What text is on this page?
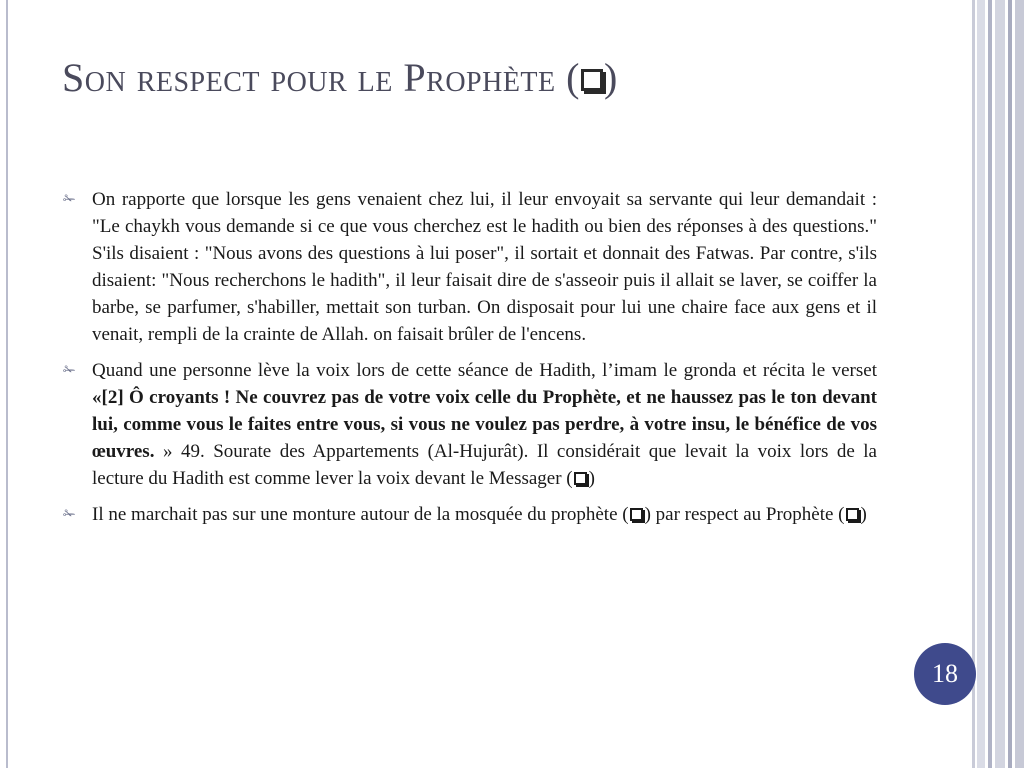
Son respect pour le Prophète ( )
✁ On rapporte que lorsque les gens venaient chez lui, il leur envoyait sa servante qui leur demandait : "Le chaykh vous demande si ce que vous cherchez est le hadith ou bien des réponses à des questions." S'ils disaient : "Nous avons des questions à lui poser", il sortait et donnait des Fatwas. Par contre, s'ils disaient: "Nous recherchons le hadith", il leur faisait dire de s'asseoir puis il allait se laver, se coiffer la barbe, se parfumer, s'habiller, mettait son turban. On disposait pour lui une chaire face aux gens et il venait, rempli de la crainte de Allah. on faisait brûler de l'encens.
✁ Quand une personne lève la voix lors de cette séance de Hadith, l’imam le gronda et récita le verset «[2] Ô croyants ! Ne couvrez pas de votre voix celle du Prophète, et ne haussez pas le ton devant lui, comme vous le faites entre vous, si vous ne voulez pas perdre, à votre insu, le bénéfice de vos œuvres. » 49. Sourate des Appartements (Al-Hujurât). Il considérait que levait la voix lors de la lecture du Hadith est comme lever la voix devant le Messager ( )
✁ Il ne marchait pas sur une monture autour de la mosquée du prophète ( ) par respect au Prophète ( )
18
